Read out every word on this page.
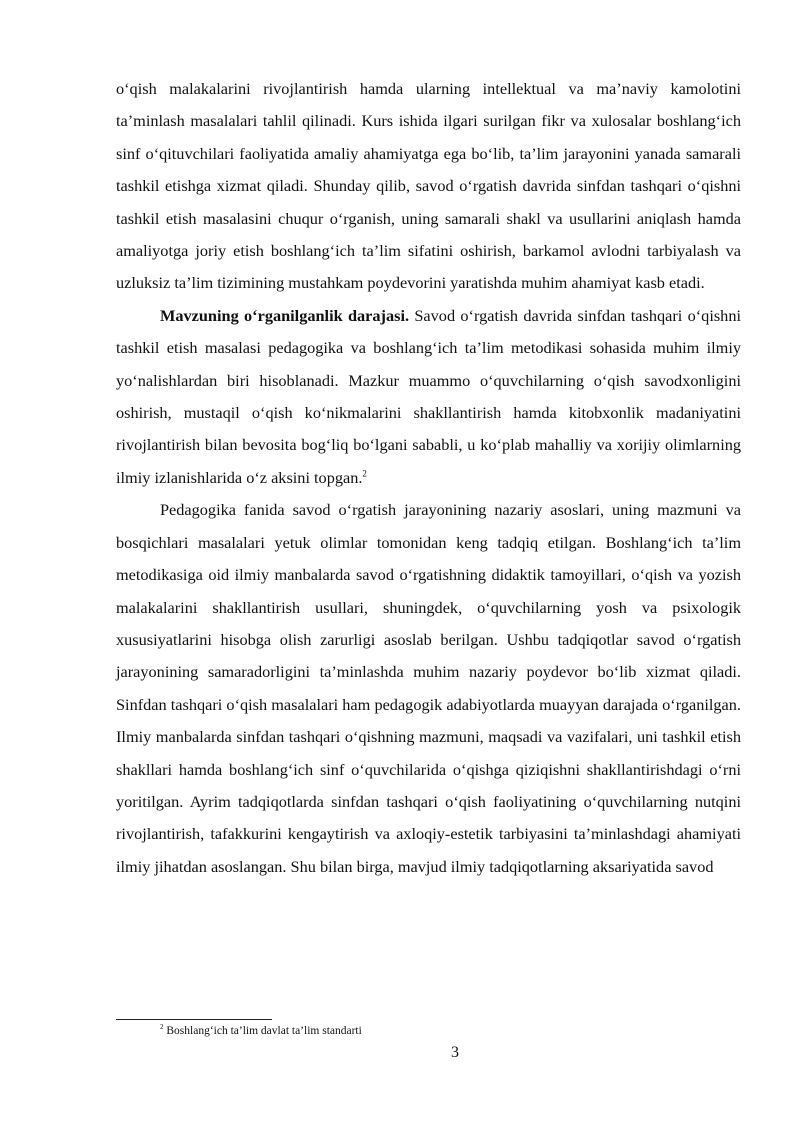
o‘qish malakalarini rivojlantirish hamda ularning intellektual va ma’naviy kamolotini ta’minlash masalalari tahlil qilinadi. Kurs ishida ilgari surilgan fikr va xulosalar boshlang‘ich sinf o‘qituvchilari faoliyatida amaliy ahamiyatga ega bo‘lib, ta’lim jarayonini yanada samarali tashkil etishga xizmat qiladi. Shunday qilib, savod o‘rgatish davrida sinfdan tashqari o‘qishni tashkil etish masalasini chuqur o‘rganish, uning samarali shakl va usullarini aniqlash hamda amaliyotga joriy etish boshlang‘ich ta’lim sifatini oshirish, barkamol avlodni tarbiyalash va uzluksiz ta’lim tizimining mustahkam poydevorini yaratishda muhim ahamiyat kasb etadi.

Mavzuning o‘rganilganlik darajasi. Savod o‘rgatish davrida sinfdan tashqari o‘qishni tashkil etish masalasi pedagogika va boshlang‘ich ta’lim metodikasi sohasida muhim ilmiy yo‘nalishlardan biri hisoblanadi. Mazkur muammo o‘quvchilarning o‘qish savodxonligini oshirish, mustaqil o‘qish ko‘nikmalarini shakllantirish hamda kitobxonlik madaniyatini rivojlantirish bilan bevosita bog‘liq bo‘lgani sababli, u ko‘plab mahalliy va xorijiy olimlarning ilmiy izlanishlarida o‘z aksini topgan.$^2$

Pedagogika fanida savod o‘rgatish jarayonining nazariy asoslari, uning mazmuni va bosqichlari masalalari yetuk olimlar tomonidan keng tadqiq etilgan. Boshlang‘ich ta’lim metodikasiga oid ilmiy manbalarda savod o‘rgatishning didaktik tamoyillari, o‘qish va yozish malakalarini shakllantirish usullari, shuningdek, o‘quvchilarning yosh va psixologik xususiyatlarini hisobga olish zarurligi asoslab berilgan. Ushbu tadqiqotlar savod o‘rgatish jarayonining samaradorligini ta’minlashda muhim nazariy poydevor bo‘lib xizmat qiladi. Sinfdan tashqari o‘qish masalalari ham pedagogik adabiyotlarda muayyan darajada o‘rganilgan. Ilmiy manbalarda sinfdan tashqari o‘qishning mazmuni, maqsadi va vazifalari, uni tashkil etish shakllari hamda boshlang‘ich sinf o‘quvchilarida o‘qishga qiziqishni shakllantirishdagi o‘rni yoritilgan. Ayrim tadqiqotlarda sinfdan tashqari o‘qish faoliyatining o‘quvchilarning nutqini rivojlantirish, tafakkurini kengaytirish va axloqiy-estetik tarbiyasini ta’minlashdagi ahamiyati ilmiy jihatdan asoslangan. Shu bilan birga, mavjud ilmiy tadqiqotlarning aksariyatida savod

$^2$ Boshlang‘ich ta’lim davlat ta’lim standarti
3
